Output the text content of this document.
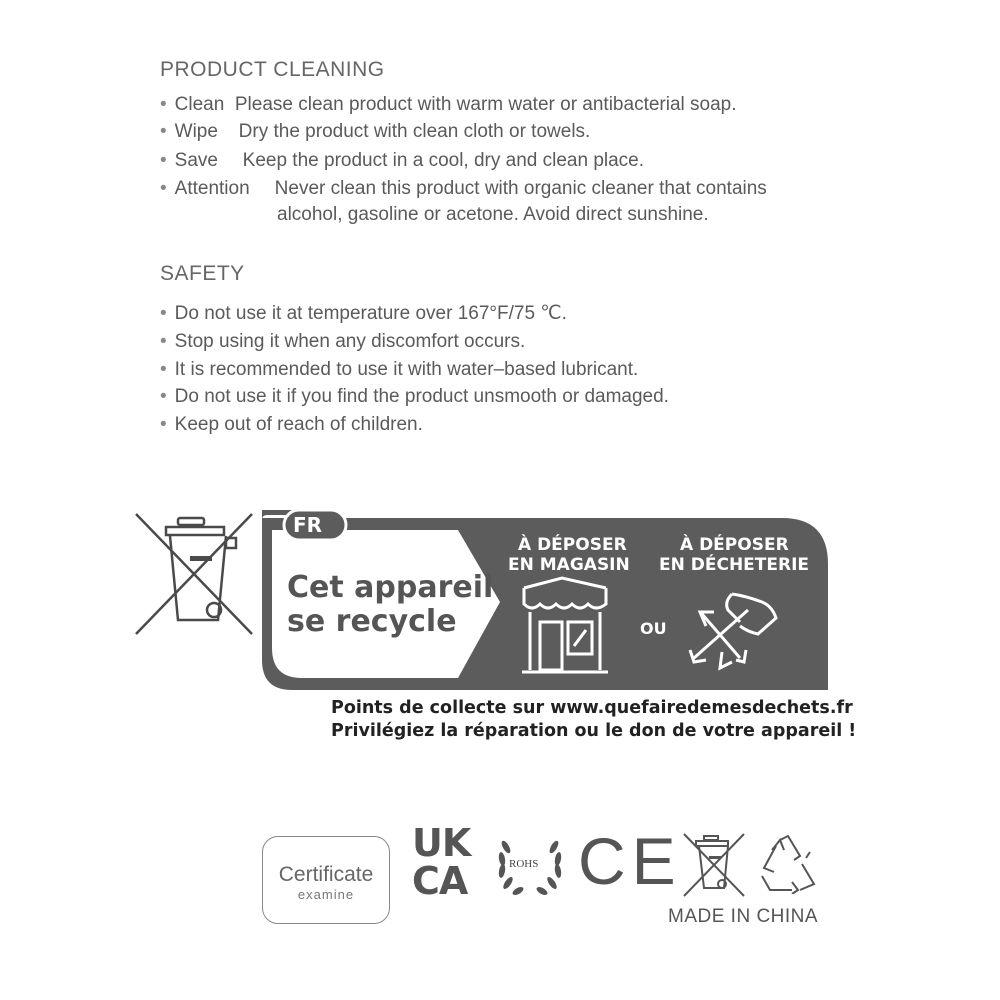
PRODUCT CLEANING
• Clean Please clean product with warm water or antibacterial soap.
• Wipe Dry the product with clean cloth or towels.
• Save Keep the product in a cool, dry and clean place.
• Attention Never clean this product with organic cleaner that contains
alcohol, gasoline or acetone. Avoid direct sunshine.
SAFETY
• Do not use it at temperature over 167°F/75 ℃.
• Stop using it when any discomfort occurs.
• It is recommended to use it with water–based lubricant.
• Do not use it if you find the product unsmooth or damaged.
• Keep out of reach of children.
FR
Cet appareil
se recycle
À DÉPOSER
EN MAGASIN
OU
À DÉPOSER
EN DÉCHETERIE
Points de collecte sur www.quefairedemesdechets.fr
Privilégiez la réparation ou le don de votre appareil !
Certificate
examine
UK
CA	ROHS CE
MADE IN CHINA
